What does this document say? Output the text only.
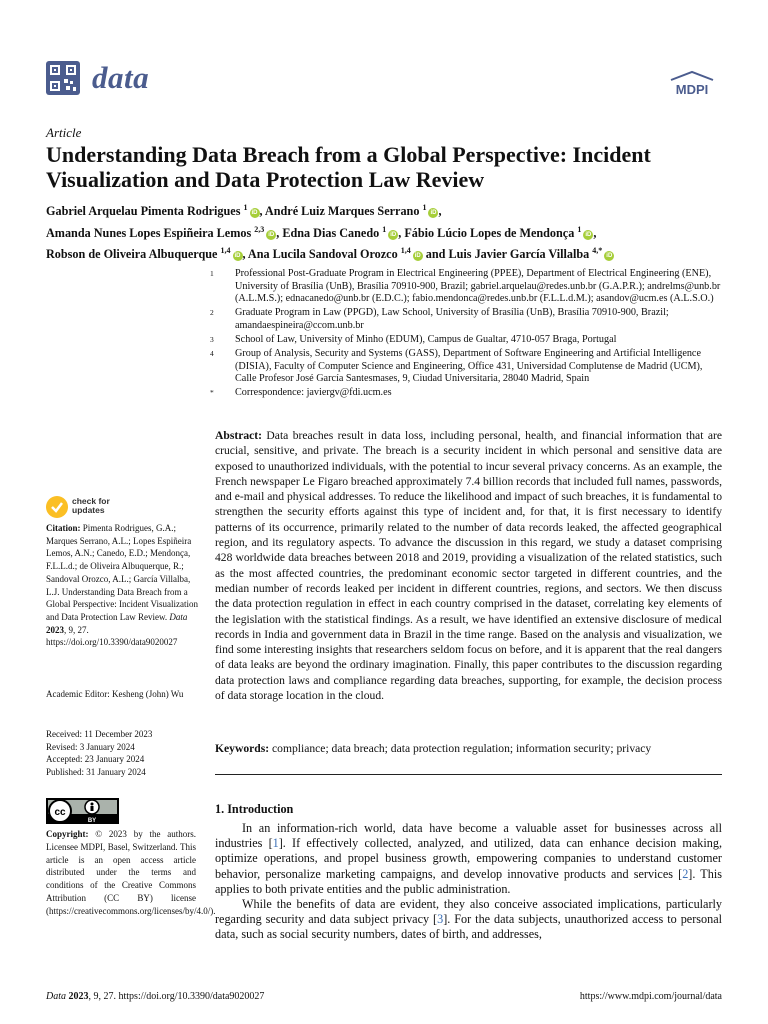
data	MDPI
Article
Understanding Data Breach from a Global Perspective: Incident Visualization and Data Protection Law Review
Gabriel Arquelau Pimenta Rodrigues $^1$iD , André Luiz Marques Serrano $^1$iD ,
Amanda Nunes Lopes Espiñeira Lemos $^{2,3}$iD , Edna Dias Canedo $^1$iD , Fábio Lúcio Lopes de Mendonça $^1$iD ,
Robson de Oliveira Albuquerque $^{1,4}$iD , Ana Lucila Sandoval Orozco $^{1,4}$iD and Luis Javier García Villalba $^{4,*}$iD
1	Professional Post-Graduate Program in Electrical Engineering (PPEE), Department of Electrical Engineering (ENE), University of Brasília (UnB), Brasília 70910-900, Brazil; gabriel.arquelau@redes.unb.br (G.A.P.R.); andrelms@unb.br (A.L.M.S.); ednacanedo@unb.br (E.D.C.); fabio.mendonca@redes.unb.br (F.L.L.d.M.); asandov@ucm.es (A.L.S.O.)
2	Graduate Program in Law (PPGD), Law School, University of Brasília (UnB), Brasília 70910-900, Brazil; amandaespineira@ccom.unb.br
3	School of Law, University of Minho (EDUM), Campus de Gualtar, 4710-057 Braga, Portugal
4	Group of Analysis, Security and Systems (GASS), Department of Software Engineering and Artificial Intelligence (DISIA), Faculty of Computer Science and Engineering, Office 431, Universidad Complutense de Madrid (UCM), Calle Profesor José García Santesmases, 9, Ciudad Universitaria, 28040 Madrid, Spain
*	Correspondence: javiergv@fdi.ucm.es
Abstract: Data breaches result in data loss, including personal, health, and financial information that are crucial, sensitive, and private. The breach is a security incident in which personal and sensitive data are exposed to unauthorized individuals, with the potential to incur several privacy concerns. As an example, the French newspaper Le Figaro breached approximately 7.4 billion records that included full names, passwords, and e-mail and physical addresses. To reduce the likelihood and impact of such breaches, it is fundamental to strengthen the security efforts against this type of incident and, for that, it is first necessary to identify patterns of its occurrence, primarily related to the number of data records leaked, the affected geographical region, and its regulatory aspects. To advance the discussion in this regard, we study a dataset comprising 428 worldwide data breaches between 2018 and 2019, providing a visualization of the related statistics, such as the most affected countries, the predominant economic sector targeted in different countries, and the median number of records leaked per incident in different countries, regions, and sectors. We then discuss the data protection regulation in effect in each country comprised in the dataset, correlating key elements of the legislation with the statistical findings. As a result, we have identified an extensive disclosure of medical records in India and government data in Brazil in the time range. Based on the analysis and visualization, we find some interesting insights that researchers seldom focus on before, and it is apparent that the real dangers of data leaks are beyond the ordinary imagination. Finally, this paper contributes to the discussion regarding data protection laws and compliance regarding data breaches, supporting, for example, the decision process of data storage location in the cloud.
Keywords: compliance; data breach; data protection regulation; information security; privacy
check for
updates
Citation: Pimenta Rodrigues, G.A.; Marques Serrano, A.L.; Lopes Espiñeira Lemos, A.N.; Canedo, E.D.; Mendonça, F.L.L.d.; de Oliveira Albuquerque, R.; Sandoval Orozco, A.L.; García Villalba, L.J. Understanding Data Breach from a Global Perspective: Incident Visualization and Data Protection Law Review. Data 2023, 9, 27. https://doi.org/10.3390/data9020027
Academic Editor: Kesheng (John) Wu
Received: 11 December 2023
Revised: 3 January 2024
Accepted: 23 January 2024
Published: 31 January 2024
cc
BY
Copyright: © 2023 by the authors. Licensee MDPI, Basel, Switzerland. This article is an open access article distributed under the terms and conditions of the Creative Commons Attribution (CC BY) license (https://creativecommons.org/licenses/by/4.0/).
1. Introduction

In an information-rich world, data have become a valuable asset for businesses across all industries [1]. If effectively collected, analyzed, and utilized, data can enhance decision making, optimize operations, and propel business growth, empowering companies to understand customer behavior, personalize marketing campaigns, and develop innovative products and services [2]. This applies to both private entities and the public administration.

While the benefits of data are evident, they also conceive associated implications, particularly regarding security and data subject privacy [3]. For the data subjects, unauthorized access to personal data, such as social security numbers, dates of birth, and addresses,

Data 2023, 9, 27. https://doi.org/10.3390/data9020027	https://www.mdpi.com/journal/data
